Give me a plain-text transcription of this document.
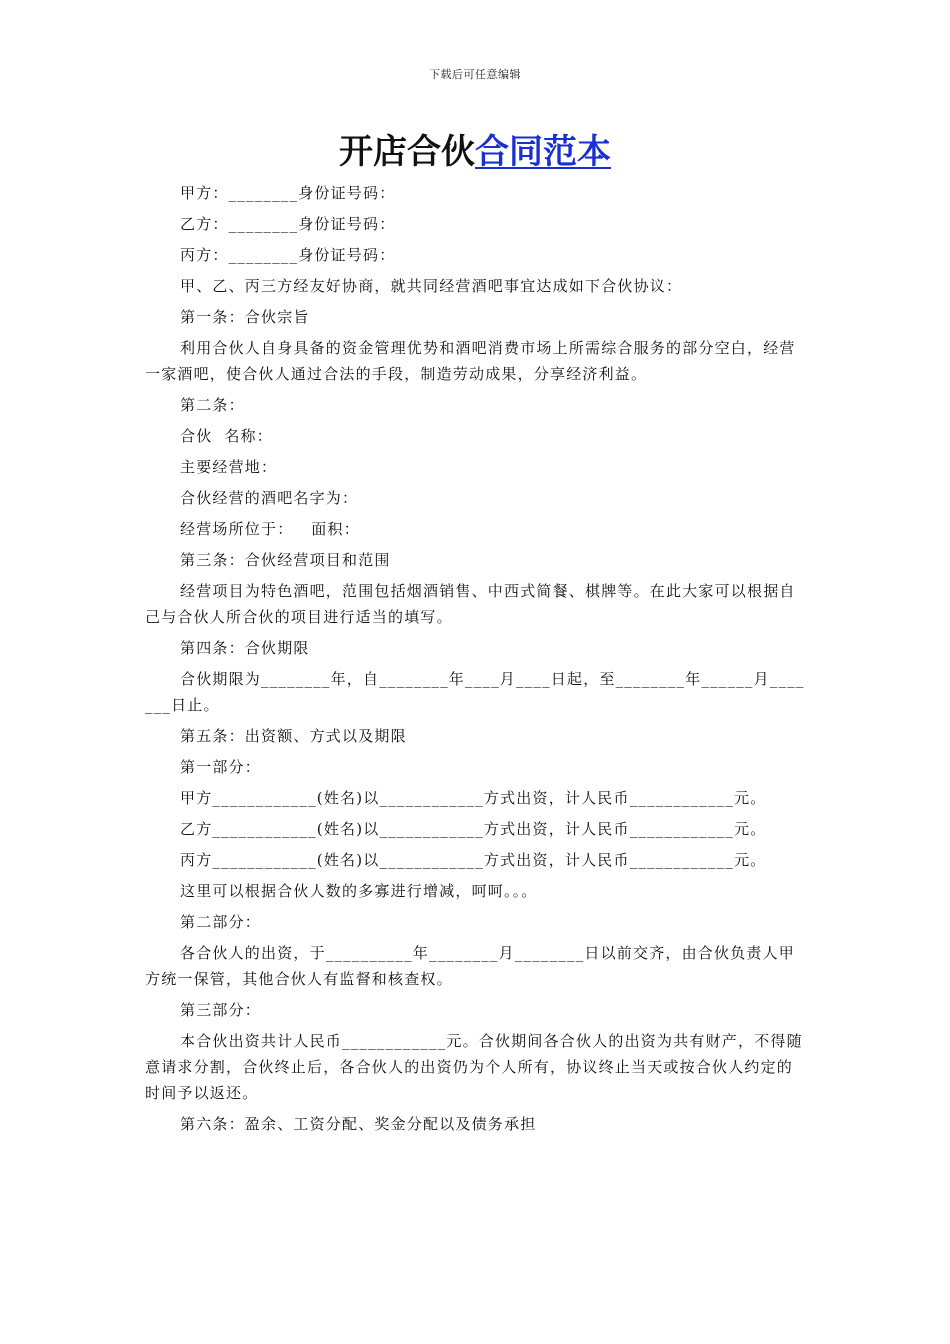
下载后可任意编辑
开店合伙合同范本

甲方：________身份证号码：

乙方：________身份证号码：

丙方：________身份证号码：

甲、乙、丙三方经友好协商，就共同经营酒吧事宜达成如下合伙协议：

第一条：合伙宗旨

利用合伙人自身具备的资金管理优势和酒吧消费市场上所需综合服务的部分空白，经营一家酒吧，使合伙人通过合法的手段，制造劳动成果，分享经济利益。

第二条：

合伙  名称：

主要经营地：

合伙经营的酒吧名字为：

经营场所位于：   面积：

第三条：合伙经营项目和范围

经营项目为特色酒吧，范围包括烟酒销售、中西式简餐、棋牌等。在此大家可以根据自己与合伙人所合伙的项目进行适当的填写。

第四条：合伙期限

合伙期限为________年，自________年____月____日起，至________年______月_______日止。

第五条：出资额、方式以及期限

第一部分：

甲方____________(姓名)以____________方式出资，计人民币____________元。

乙方____________(姓名)以____________方式出资，计人民币____________元。

丙方____________(姓名)以____________方式出资，计人民币____________元。

这里可以根据合伙人数的多寡进行增减，呵呵。。。

第二部分：

各合伙人的出资，于__________年________月________日以前交齐，由合伙负责人甲方统一保管，其他合伙人有监督和核查权。

第三部分：

本合伙出资共计人民币____________元。合伙期间各合伙人的出资为共有财产，不得随意请求分割，合伙终止后，各合伙人的出资仍为个人所有，协议终止当天或按合伙人约定的时间予以返还。

第六条：盈余、工资分配、奖金分配以及债务承担
